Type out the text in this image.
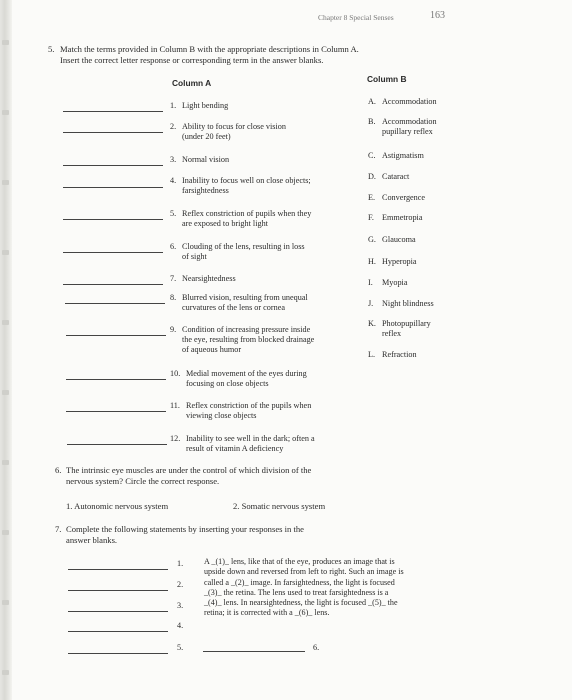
Chapter 8 Special Senses	163
5. Match the terms provided in Column B with the appropriate descriptions in Column A.
Insert the correct letter response or corresponding term in the answer blanks.
Column A	Column B
1. Light bending
2. Ability to focus for close vision
(under 20 feet)
3. Normal vision
4. Inability to focus well on close objects;
farsightedness
5. Reflex constriction of pupils when they
are exposed to bright light
6. Clouding of the lens, resulting in loss
of sight
7. Nearsightedness
8. Blurred vision, resulting from unequal
curvatures of the lens or cornea
9. Condition of increasing pressure inside
the eye, resulting from blocked drainage
of aqueous humor
10. Medial movement of the eyes during
focusing on close objects
11. Reflex constriction of the pupils when
viewing close objects
12. Inability to see well in the dark; often a
result of vitamin A deficiency
A. Accommodation
B. Accommodation
pupillary reflex
C. Astigmatism
D. Cataract
E. Convergence
F. Emmetropia
G. Glaucoma
H. Hyperopia
I. Myopia
J. Night blindness
K. Photopupillary
reflex
L. Refraction
6. The intrinsic eye muscles are under the control of which division of the
nervous system? Circle the correct response.
1. Autonomic nervous system	2. Somatic nervous system
7. Complete the following statements by inserting your responses in the
answer blanks.
1.
2.
3.
4.
5.
A _(1)_ lens, like that of the eye, produces an image that is
upside down and reversed from left to right. Such an image is
called a _(2)_ image. In farsightedness, the light is focused
_(3)_ the retina. The lens used to treat farsightedness is a
_(4)_ lens. In nearsightedness, the light is focused _(5)_ the
retina; it is corrected with a _(6)_ lens.
6.
